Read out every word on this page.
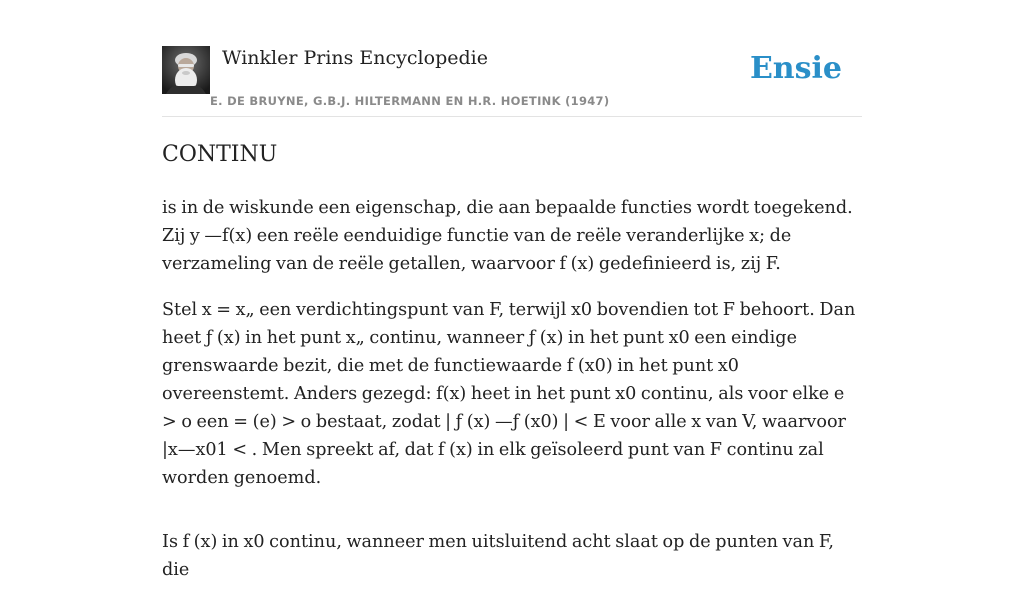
Winkler Prins Encyclopedie
E. DE BRUYNE, G.B.J. HILTERMANN EN H.R. HOETINK (1947)
Ensie
CONTINU

is in de wiskunde een eigenschap, die aan bepaalde functies wordt toegekend. Zij y —f(x) een reële eenduidige functie van de reële veranderlijke x; de verzameling van de reële getallen, waarvoor f (x) gedefinieerd is, zij F.

Stel x = x„ een verdichtingspunt van F, terwijl x0 bovendien tot F behoort. Dan heet ƒ (x) in het punt x„ continu, wanneer ƒ (x) in het punt x0 een eindige grenswaarde bezit, die met de functiewaarde f (x0) in het punt x0 overeenstemt. Anders gezegd: f(x) heet in het punt x0 continu, als voor elke e > o een = (e) > o bestaat, zodat | ƒ (x) —ƒ (x0) | < E voor alle x van V, waarvoor |x—x01 < . Men spreekt af, dat f (x) in elk geïsoleerd punt van F continu zal worden genoemd.

Is f (x) in x0 continu, wanneer men uitsluitend acht slaat op de punten van F, die
